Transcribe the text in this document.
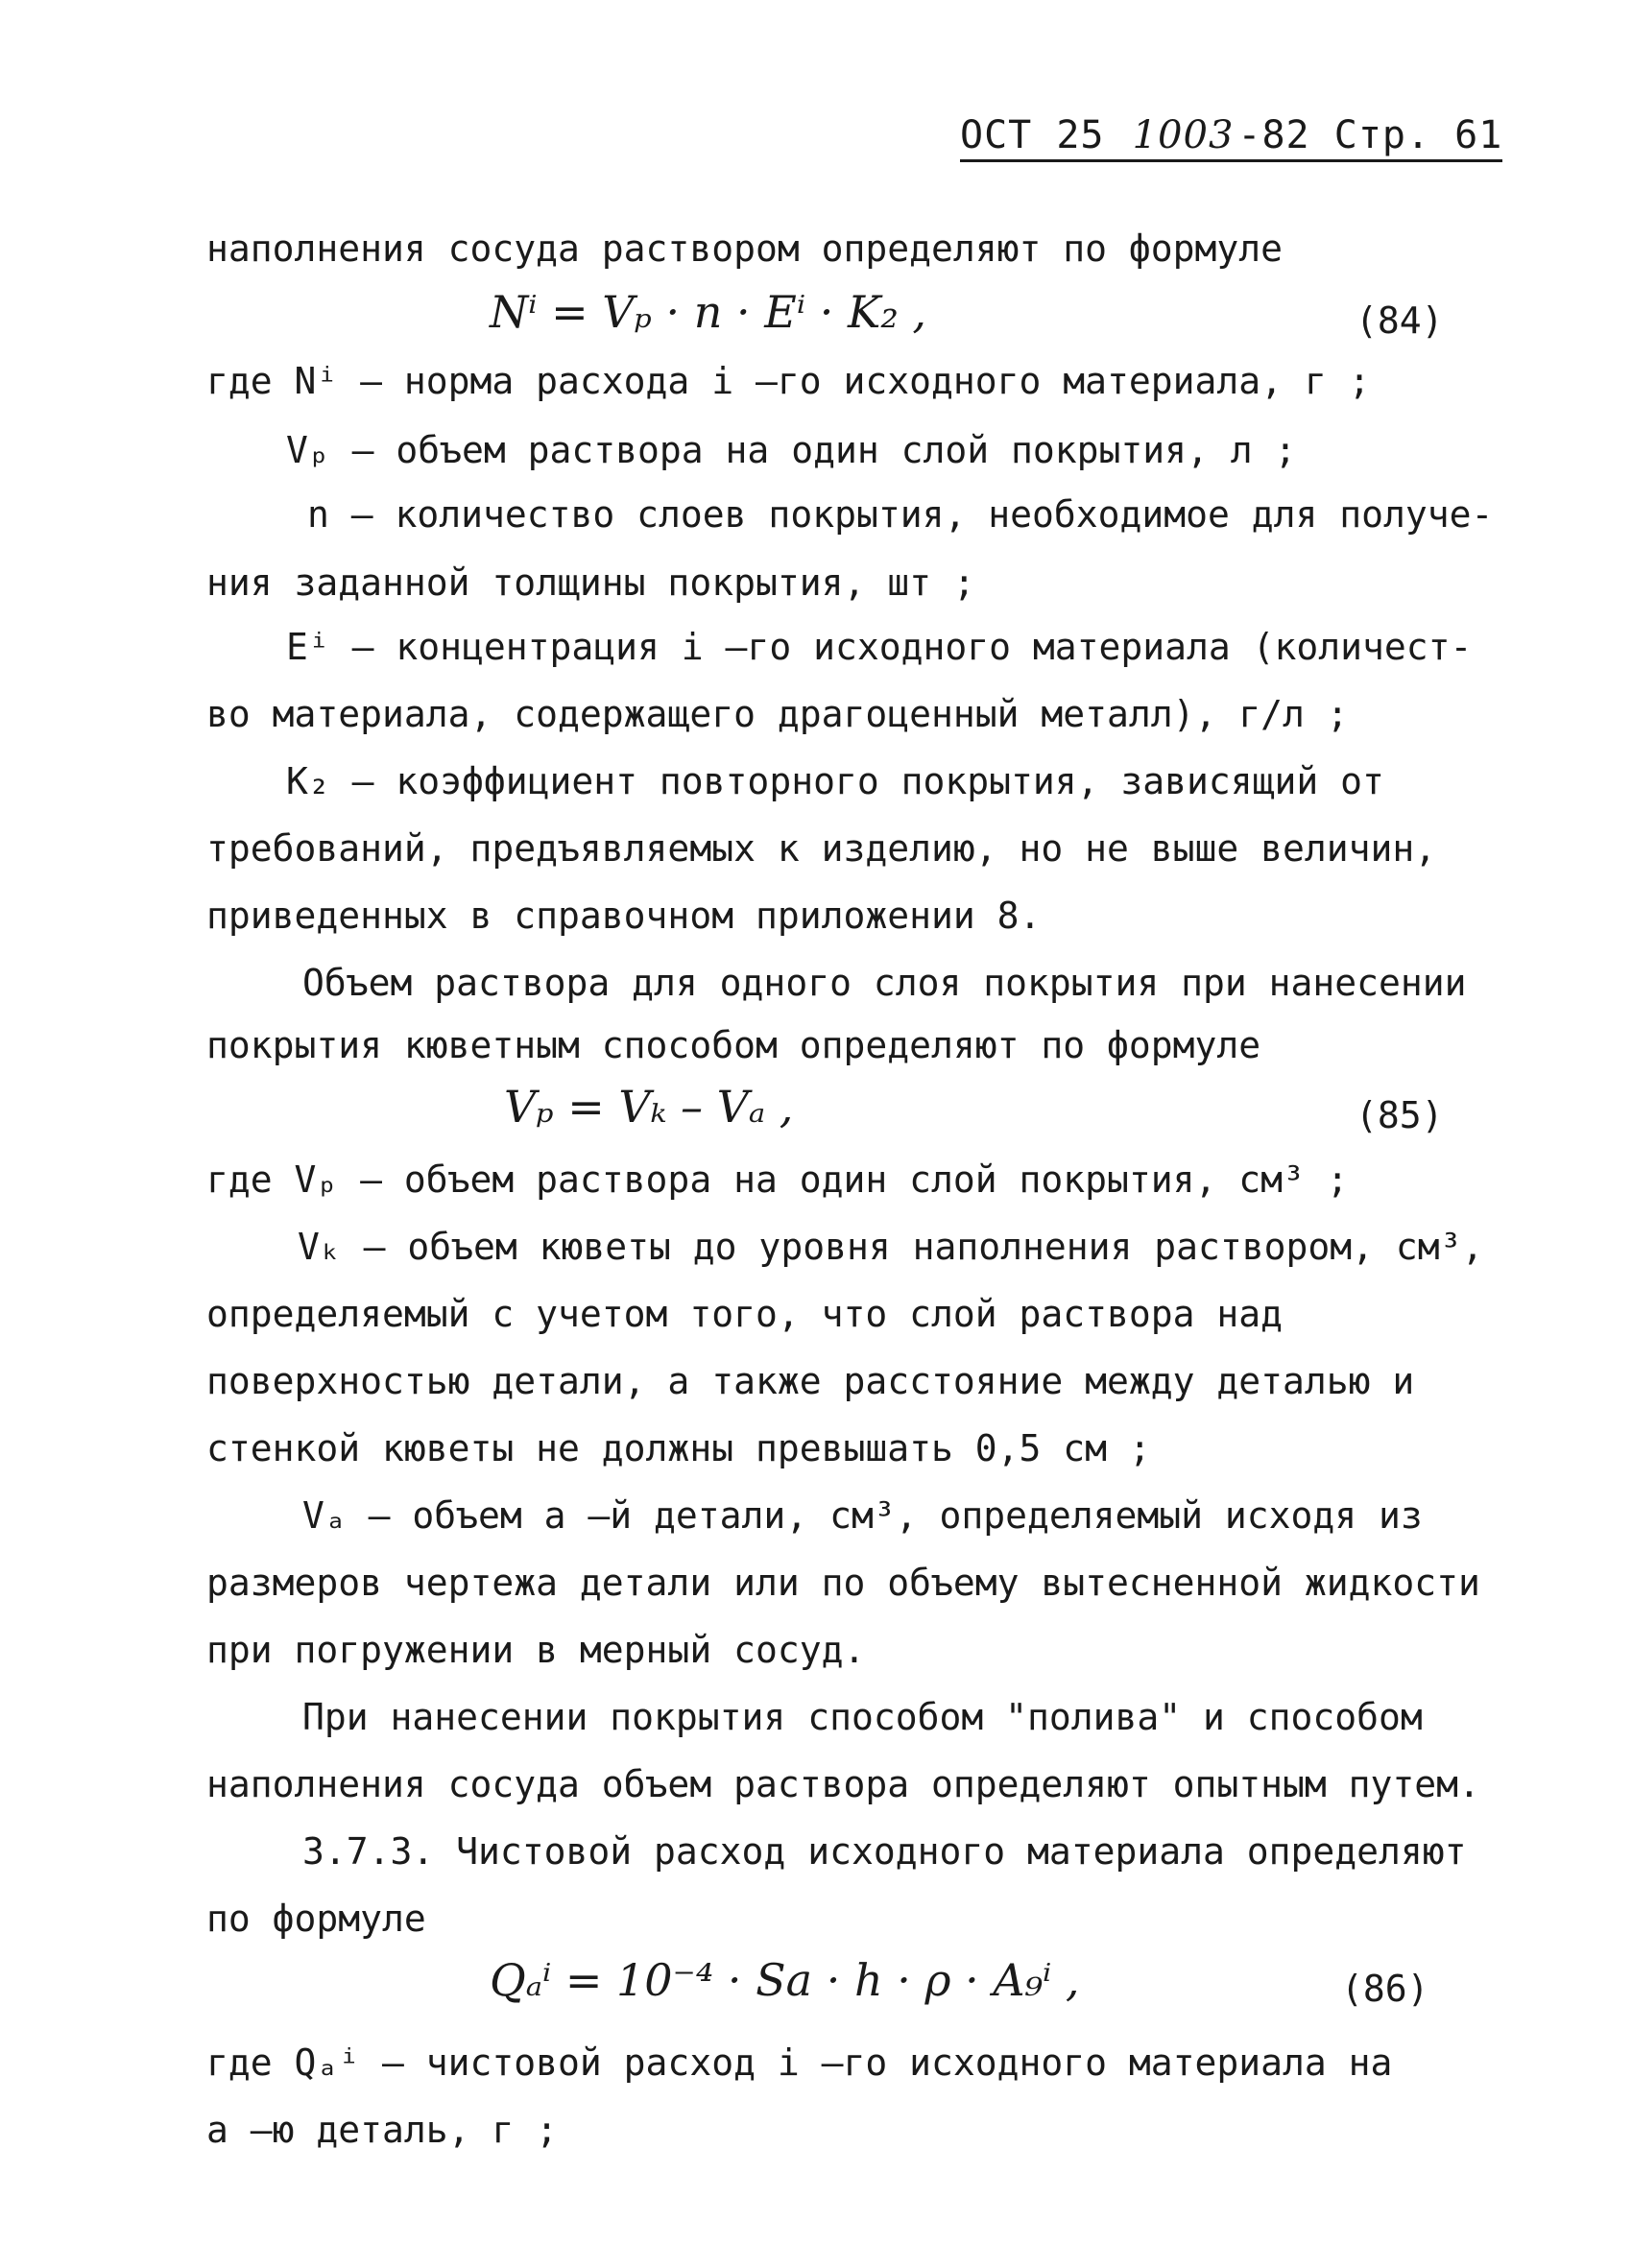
ОСТ 25 1003 -82 Стр. 61
наполнения сосуда раствором определяют по формуле
Nⁱ = Vₚ · n · Eⁱ · K₂ ,	(84)
где Nⁱ – норма расхода i –го исходного материала, г ;
Vₚ – объем раствора на один слой покрытия, л ;
n – количество слоев покрытия, необходимое для получе-
ния заданной толщины покрытия, шт ;
Eⁱ – концентрация i –го исходного материала (количест-
во материала, содержащего драгоценный металл), г/л ;
K₂ – коэффициент повторного покрытия, зависящий от
требований, предъявляемых к изделию, но не выше величин,
приведенных в справочном приложении 8.
Объем раствора для одного слоя покрытия при нанесении
покрытия кюветным способом определяют по формуле
Vₚ = Vₖ – Vₐ ,	(85)
где Vₚ – объем раствора на один слой покрытия, см³ ;
Vₖ – объем кюветы до уровня наполнения раствором, см³,
определяемый с учетом того, что слой раствора над
поверхностью детали, а также расстояние между деталью и
стенкой кюветы не должны превышать 0,5 см ;
Vₐ – объем a –й детали, см³, определяемый исходя из
размеров чертежа детали или по объему вытесненной жидкости
при погружении в мерный сосуд.
При нанесении покрытия способом "полива" и способом
наполнения сосуда объем раствора определяют опытным путем.
3.7.3. Чистовой расход исходного материала определяют
по формуле
Qₐⁱ = 10⁻⁴ · Sa · h · ρ · A₉ⁱ ,	(86)
где Qₐⁱ – чистовой расход i –го исходного материала на
a –ю деталь, г ;
